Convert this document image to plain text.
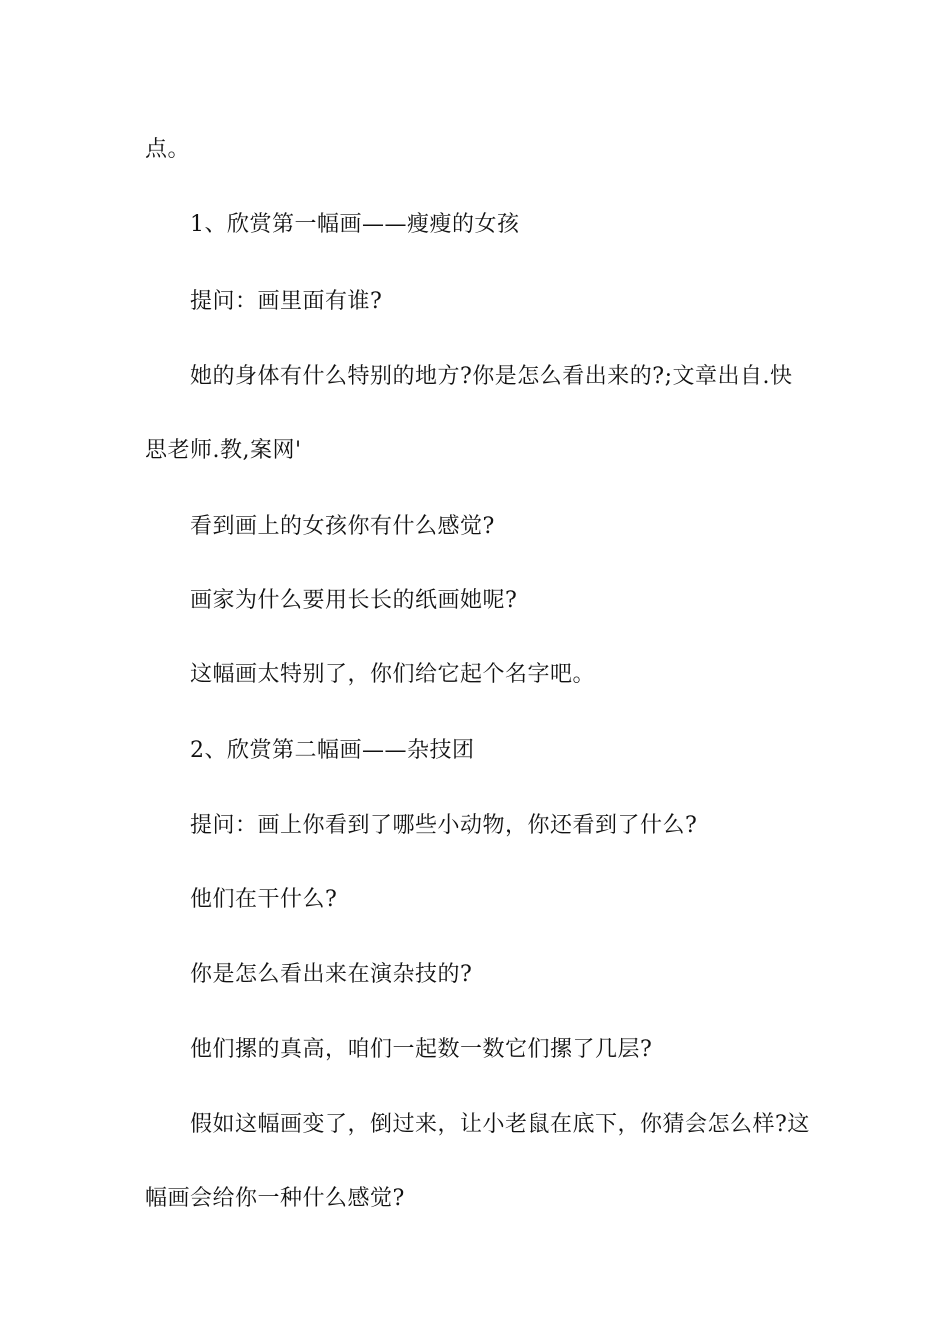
点。
1、欣赏第一幅画——瘦瘦的女孩
提问：画里面有谁?
她的身体有什么特别的地方?你是怎么看出来的?;文章出自.快
思老师.教,案网'
看到画上的女孩你有什么感觉?
画家为什么要用长长的纸画她呢?
这幅画太特别了，你们给它起个名字吧。
2、欣赏第二幅画——杂技团
提问：画上你看到了哪些小动物，你还看到了什么?
他们在干什么?
你是怎么看出来在演杂技的?
他们摞的真高，咱们一起数一数它们摞了几层?
假如这幅画变了，倒过来，让小老鼠在底下，你猜会怎么样?这
幅画会给你一种什么感觉?
